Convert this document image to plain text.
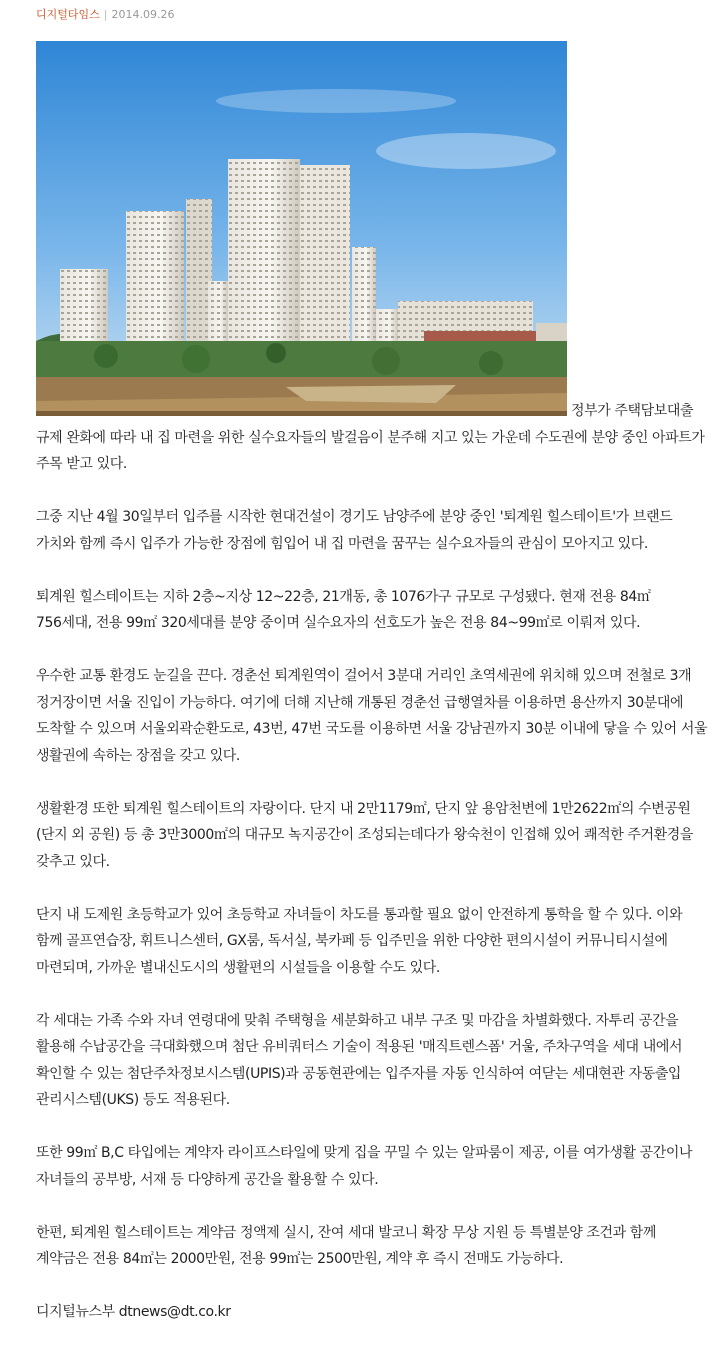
디지털타임스 | 2014.09.26

정부가 주택담보대출 규제 완화에 따라 내 집 마련을 위한 실수요자들의 발걸음이 분주해 지고 있는 가운데 수도권에 분양 중인 아파트가 주목 받고 있다.

그중 지난 4월 30일부터 입주를 시작한 현대건설이 경기도 남양주에 분양 중인 '퇴계원 힐스테이트'가 브랜드 가치와 함께 즉시 입주가 가능한 장점에 힘입어 내 집 마련을 꿈꾸는 실수요자들의 관심이 모아지고 있다.

퇴계원 힐스테이트는 지하 2층~지상 12~22층, 21개동, 총 1076가구 규모로 구성됐다. 현재 전용 84㎡ 756세대, 전용 99㎡ 320세대를 분양 중이며 실수요자의 선호도가 높은 전용 84~99㎡로 이뤄져 있다.

우수한 교통 환경도 눈길을 끈다. 경춘선 퇴계원역이 걸어서 3분대 거리인 초역세권에 위치해 있으며 전철로 3개 정거장이면 서울 진입이 가능하다. 여기에 더해 지난해 개통된 경춘선 급행열차를 이용하면 용산까지 30분대에 도착할 수 있으며 서울외곽순환도로, 43번, 47번 국도를 이용하면 서울 강남권까지 30분 이내에 닿을 수 있어 서울 생활권에 속하는 장점을 갖고 있다.

생활환경 또한 퇴계원 힐스테이트의 자랑이다. 단지 내 2만1179㎡, 단지 앞 용암천변에 1만2622㎡의 수변공원(단지 외 공원) 등 총 3만3000㎡의 대규모 녹지공간이 조성되는데다가 왕숙천이 인접해 있어 쾌적한 주거환경을 갖추고 있다.

단지 내 도제원 초등학교가 있어 초등학교 자녀들이 차도를 통과할 필요 없이 안전하게 통학을 할 수 있다. 이와 함께 골프연습장, 휘트니스센터, GX룸, 독서실, 북카페 등 입주민을 위한 다양한 편의시설이 커뮤니티시설에 마련되며, 가까운 별내신도시의 생활편의 시설들을 이용할 수도 있다.

각 세대는 가족 수와 자녀 연령대에 맞춰 주택형을 세분화하고 내부 구조 및 마감을 차별화했다. 자투리 공간을 활용해 수납공간을 극대화했으며 첨단 유비쿼터스 기술이 적용된 '매직트렌스폼' 거울, 주차구역을 세대 내에서 확인할 수 있는 첨단주차정보시스템(UPIS)과 공동현관에는 입주자를 자동 인식하여 여닫는 세대현관 자동출입 관리시스템(UKS) 등도 적용된다.

또한 99㎡ B,C 타입에는 계약자 라이프스타일에 맞게 집을 꾸밀 수 있는 알파룸이 제공, 이를 여가생활 공간이나 자녀들의 공부방, 서재 등 다양하게 공간을 활용할 수 있다.

한편, 퇴계원 힐스테이트는 계약금 정액제 실시, 잔여 세대 발코니 확장 무상 지원 등 특별분양 조건과 함께 계약금은 전용 84㎡는 2000만원, 전용 99㎡는 2500만원, 계약 후 즉시 전매도 가능하다.

디지털뉴스부 dtnews@dt.co.kr
